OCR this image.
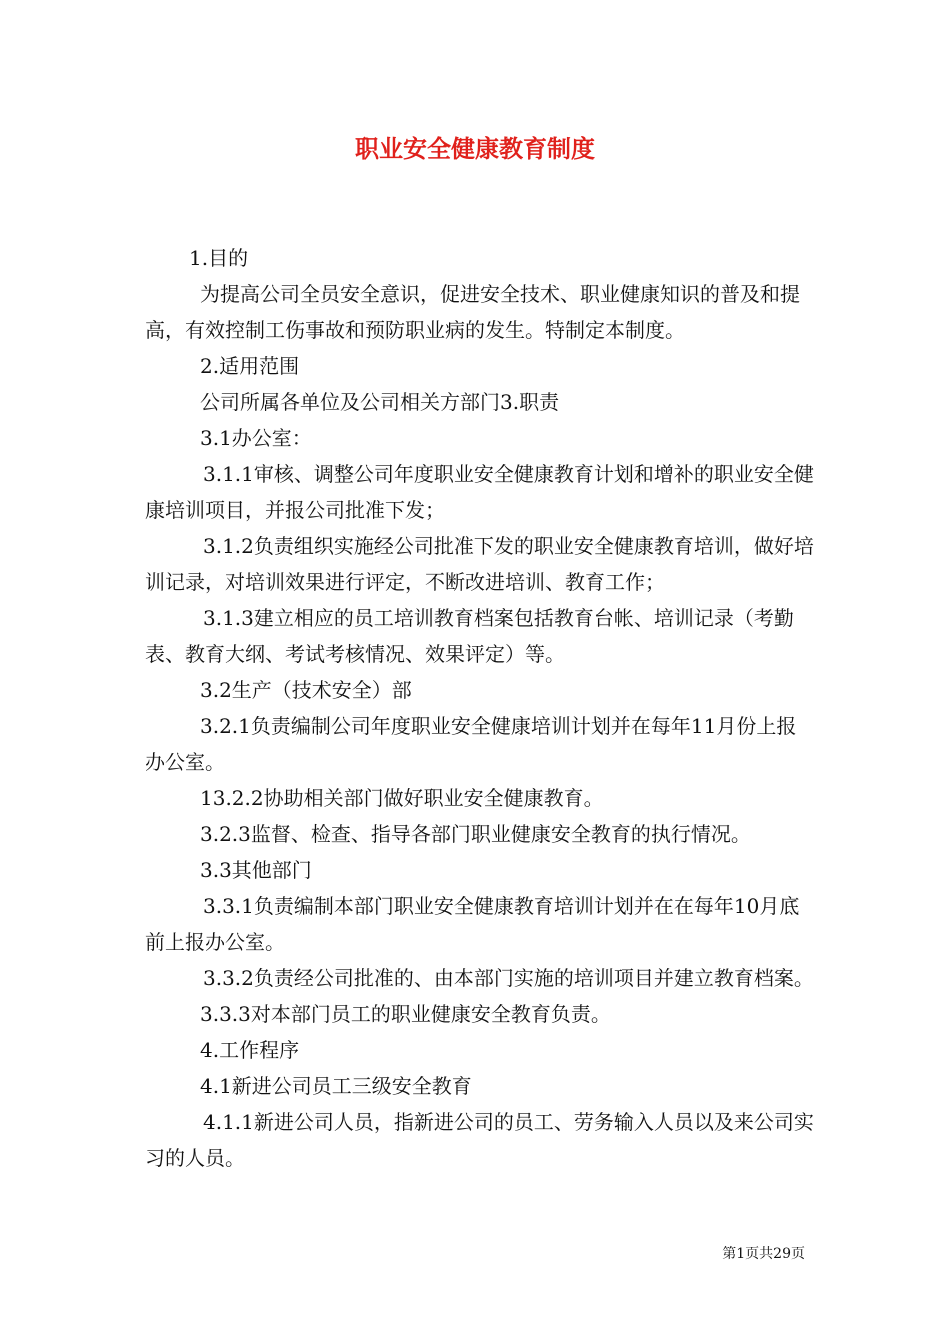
职业安全健康教育制度

1.目的

为提高公司全员安全意识，促进安全技术、职业健康知识的普及和提高，有效控制工伤事故和预防职业病的发生。特制定本制度。

2.适用范围

公司所属各单位及公司相关方部门3.职责

3.1办公室：

3.1.1审核、调整公司年度职业安全健康教育计划和增补的职业安全健康培训项目，并报公司批准下发；

3.1.2负责组织实施经公司批准下发的职业安全健康教育培训，做好培训记录，对培训效果进行评定，不断改进培训、教育工作；

3.1.3建立相应的员工培训教育档案包括教育台帐、培训记录（考勤表、教育大纲、考试考核情况、效果评定）等。

3.2生产（技术安全）部

3.2.1负责编制公司年度职业安全健康培训计划并在每年11月份上报办公室。

13.2.2协助相关部门做好职业安全健康教育。

3.2.3监督、检查、指导各部门职业健康安全教育的执行情况。

3.3其他部门

3.3.1负责编制本部门职业安全健康教育培训计划并在在每年10月底前上报办公室。

3.3.2负责经公司批准的、由本部门实施的培训项目并建立教育档案。

3.3.3对本部门员工的职业健康安全教育负责。

4.工作程序

4.1新进公司员工三级安全教育

4.1.1新进公司人员，指新进公司的员工、劳务输入人员以及来公司实习的人员。

第1页共29页
